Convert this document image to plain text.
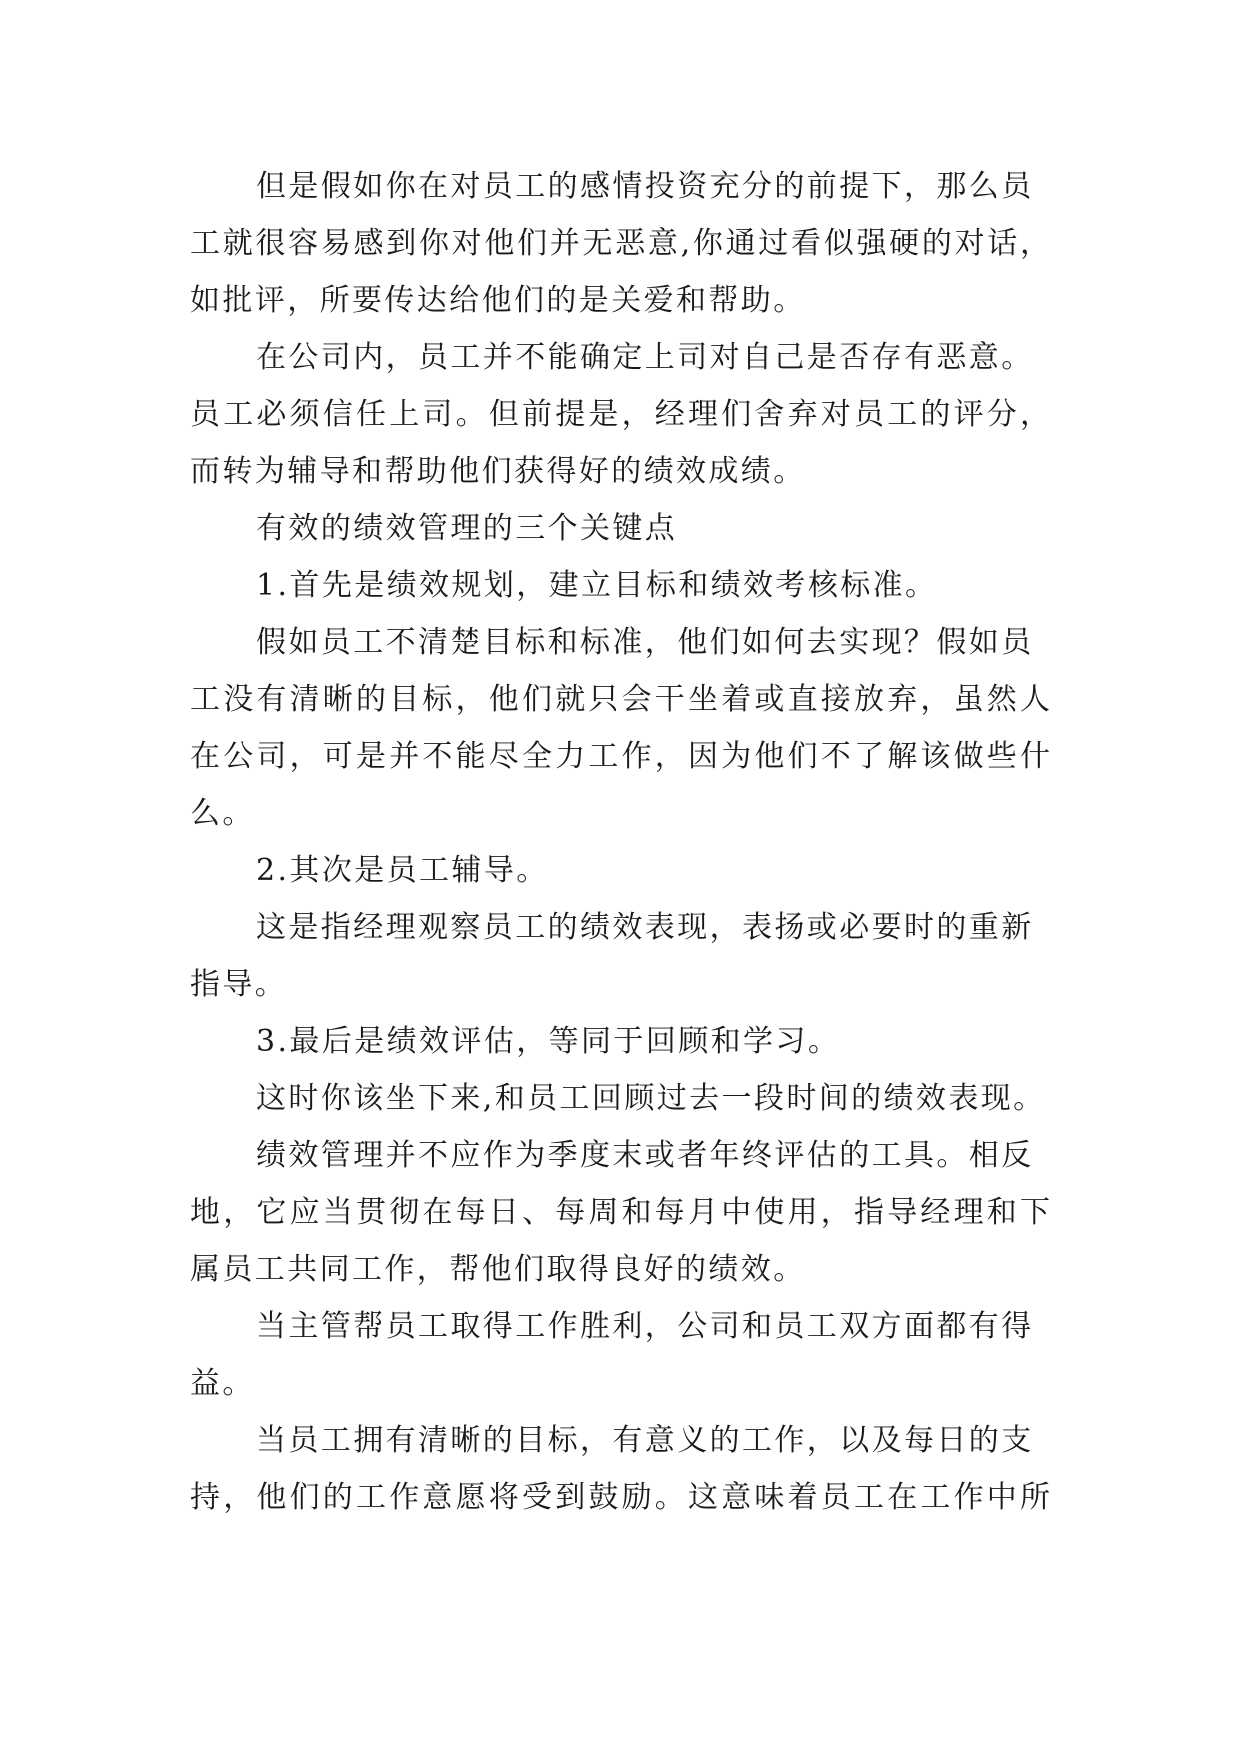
但是假如你在对员工的感情投资充分的前提下，那么员
工就很容易感到你对他们并无恶意,你通过看似强硬的对话，
如批评，所要传达给他们的是关爱和帮助。
在公司内，员工并不能确定上司对自己是否存有恶意。
员工必须信任上司。但前提是，经理们舍弃对员工的评分，
而转为辅导和帮助他们获得好的绩效成绩。
有效的绩效管理的三个关键点
1.首先是绩效规划，建立目标和绩效考核标准。
假如员工不清楚目标和标准，他们如何去实现？假如员
工没有清晰的目标，他们就只会干坐着或直接放弃，虽然人
在公司，可是并不能尽全力工作，因为他们不了解该做些什
么。
2.其次是员工辅导。
这是指经理观察员工的绩效表现，表扬或必要时的重新
指导。
3.最后是绩效评估，等同于回顾和学习。
这时你该坐下来,和员工回顾过去一段时间的绩效表现。
绩效管理并不应作为季度末或者年终评估的工具。相反
地，它应当贯彻在每日、每周和每月中使用，指导经理和下
属员工共同工作，帮他们取得良好的绩效。
当主管帮员工取得工作胜利，公司和员工双方面都有得
益。
当员工拥有清晰的目标，有意义的工作，以及每日的支
持，他们的工作意愿将受到鼓励。这意味着员工在工作中所
